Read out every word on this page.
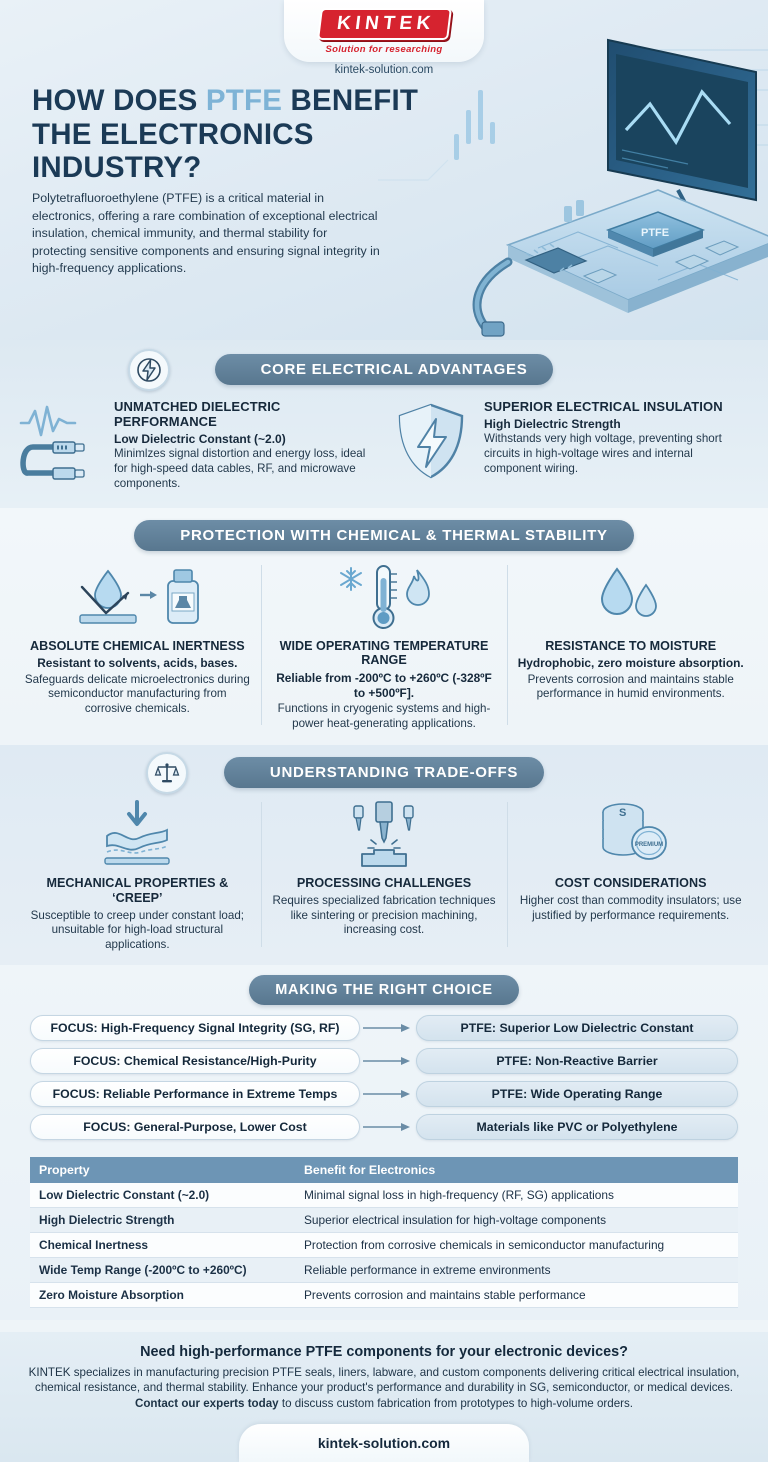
PTFE
KINTEK
Solution for researching
kintek-solution.com
HOW DOES PTFE BENEFIT
THE ELECTRONICS
INDUSTRY?

Polytetrafluoroethylene (PTFE) is a critical material in electronics, offering a rare combination of exceptional electrical insulation, chemical immunity, and thermal stability for protecting sensitive components and ensuring signal integrity in high-frequency applications.

CORE ELECTRICAL ADVANTAGES
UNMATCHED DIELECTRIC PERFORMANCE
Low Dielectric Constant (~2.0)
Minimlzes signal distortion and energy loss, ideal for high-speed data cables, RF, and microwave components.
SUPERIOR ELECTRICAL INSULATION
High Dielectric Strength
Withstands very high voltage, preventing short circuits in high-voltage wires and internal component wiring.
PROTECTION WITH CHEMICAL & THERMAL STABILITY
ABSOLUTE CHEMICAL INERTNESS
Resistant to solvents, acids, bases.
Safeguards delicate microelectronics during semiconductor manufacturing from corrosive chemicals.
WIDE OPERATING TEMPERATURE RANGE
Reliable from -200ºC to +260ºC (-328ºF to +500ºF].
Functions in cryogenic systems and high-power heat-generating applications.
RESISTANCE TO MOISTURE
Hydrophobic, zero moisture absorption.
Prevents corrosion and maintains stable performance in humid environments.
UNDERSTANDING TRADE-OFFS
MECHANICAL PROPERTIES & ‘CREEP’
Susceptible to creep under constant load; unsuitable for high-load structural applications.
PROCESSING CHALLENGES
Requires specialized fabrication techniques like sintering or precision machining, increasing cost.
S
PREMIUM
COST CONSIDERATIONS
Higher cost than commodity insulators; use justified by performance requirements.
MAKING THE RIGHT CHOICE
FOCUS: High-Frequency Signal Integrity (SG, RF)	PTFE: Superior Low Dielectric Constant
FOCUS: Chemical Resistance/High-Purity	PTFE: Non-Reactive Barrier
FOCUS: Reliable Performance in Extreme Temps	PTFE: Wide Operating Range
FOCUS: General-Purpose, Lower Cost	Materials like PVC or Polyethylene
Property	Benefit for Electronics
Low Dielectric Constant (~2.0)	Minimal signal loss in high-frequency (RF, SG) applications
High Dielectric Strength	Superior electrical insulation for high-voltage components
Chemical Inertness	Protection from corrosive chemicals in semiconductor manufacturing
Wide Temp Range (-200ºC to +260ºC)	Reliable performance in extreme environments
Zero Moisture Absorption	Prevents corrosion and maintains stable performance
Need high-performance PTFE components for your electronic devices?
KINTEK specializes in manufacturing precision PTFE seals, liners, labware, and custom components delivering critical electrical insulation, chemical resistance, and thermal stability. Enhance your product's performance and durability in SG, semiconductor, or medical devices. Contact our experts today to discuss custom fabrication from prototypes to high-volume orders.
kintek-solution.com
